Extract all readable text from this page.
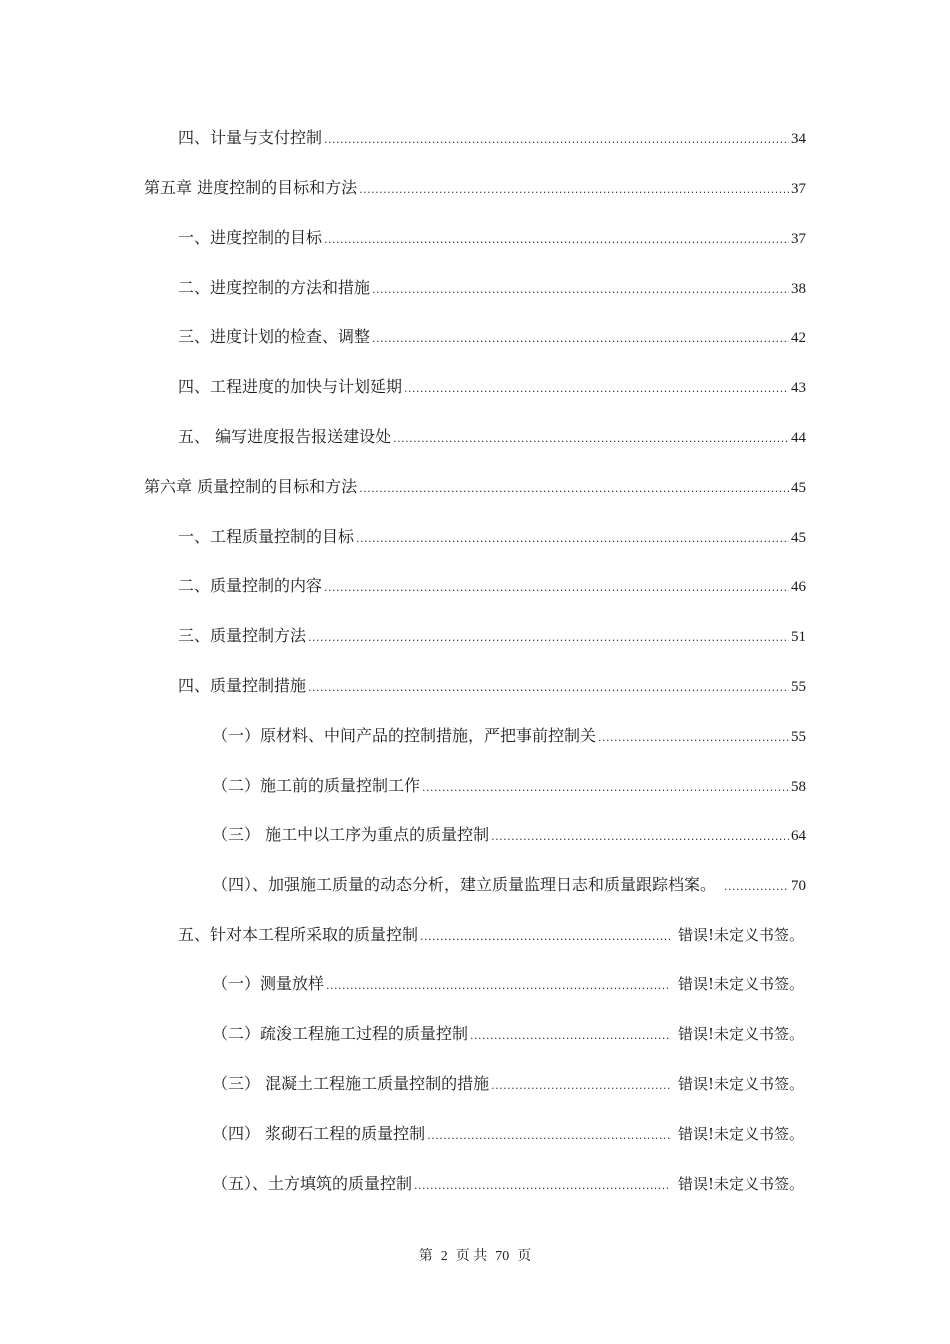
四、计量与支付控制 .....	34
第五章 进度控制的目标和方法 .....	37
一、进度控制的目标 .....	37
二、进度控制的方法和措施 .....	38
三、进度计划的检查、调整 .....	42
四、工程进度的加快与计划延期 .....	43
五、 编写进度报告报送建设处 .....	44
第六章 质量控制的目标和方法 .....	45
一、工程质量控制的目标 .....	45
二、质量控制的内容 .....	46
三、质量控制方法 .....	51
四、质量控制措施 .....	55
（一）原材料、中间产品的控制措施，严把事前控制关 .....	55
（二）施工前的质量控制工作 .....	58
（三） 施工中以工序为重点的质量控制 .....	64
（四）、加强施工质量的动态分析，建立质量监理日志和质量跟踪档案。 .....	70
五、针对本工程所采取的质量控制 .....	错误!未定义书签。
（一）测量放样 .....	错误!未定义书签。
（二）疏浚工程施工过程的质量控制 .....	错误!未定义书签。
（三） 混凝土工程施工质量控制的措施 .....	错误!未定义书签。
（四） 浆砌石工程的质量控制 .....	错误!未定义书签。
（五）、土方填筑的质量控制 .....	错误!未定义书签。
第 2 页 共 70 页
